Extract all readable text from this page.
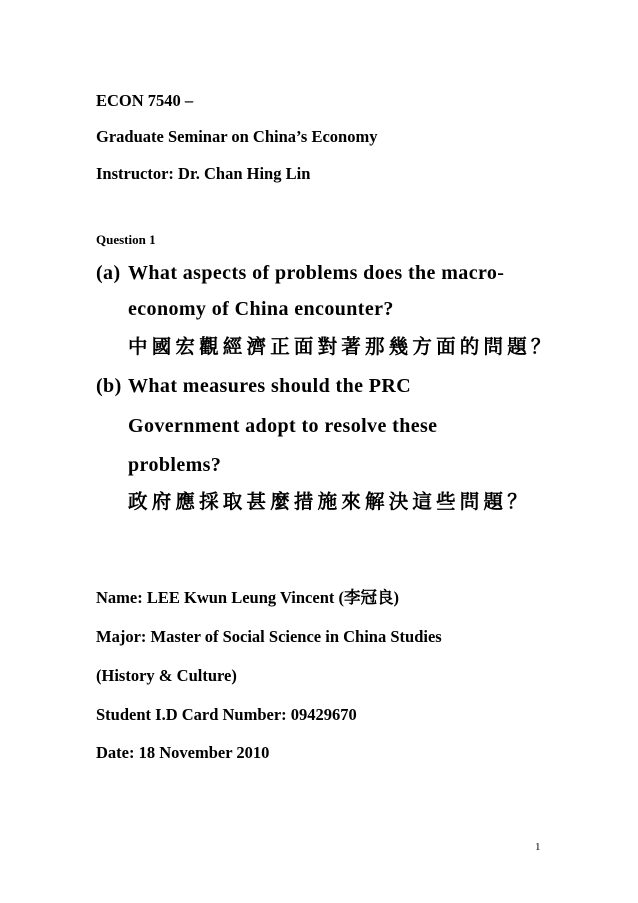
ECON 7540 –
Graduate Seminar on China’s Economy
Instructor: Dr. Chan Hing Lin
Question 1
(a) What aspects of problems does the macro-
economy of China encounter?
中國宏觀經濟正面對著那幾方面的問題？
(b) What measures should the PRC
Government adopt to resolve these
problems?
政府應採取甚麼措施來解決這些問題？
Name: LEE Kwun Leung Vincent (李冠良)
Major: Master of Social Science in China Studies
(History & Culture)
Student I.D Card Number: 09429670
Date: 18 November 2010
1
